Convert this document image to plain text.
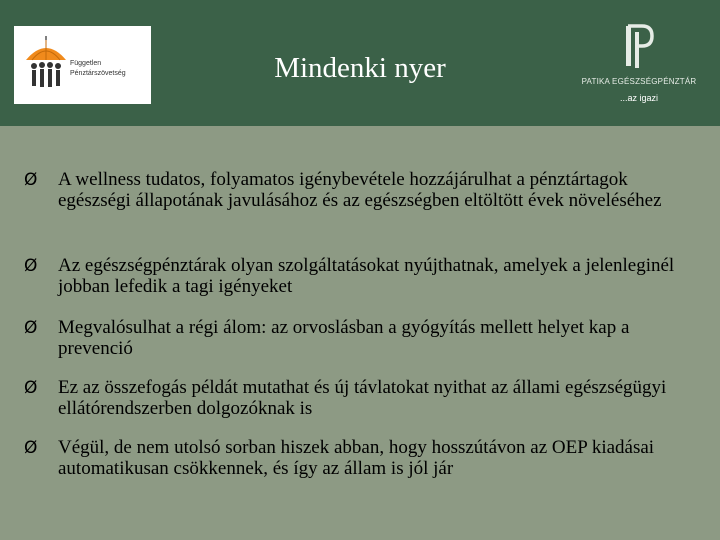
Független
Pénztárszövetség	Mindenki nyer	PATIKA EGÉSZSÉGPÉNZTÁR
...az igazi
Ø A wellness tudatos, folyamatos igénybevétele hozzájárulhat a pénztártagok egészségi állapotának javulásához és az egészségben eltöltött évek növeléséhez
Ø Az egészségpénztárak olyan szolgáltatásokat nyújthatnak, amelyek a jelenleginél jobban lefedik a tagi igényeket
Ø Megvalósulhat a régi álom: az orvoslásban a gyógyítás mellett helyet kap a prevenció
Ø Ez az összefogás példát mutathat és új távlatokat nyithat az állami egészségügyi ellátórendszerben dolgozóknak is
Ø Végül, de nem utolsó sorban hiszek abban, hogy hosszútávon az OEP kiadásai automatikusan csökkennek, és így az állam is jól jár
